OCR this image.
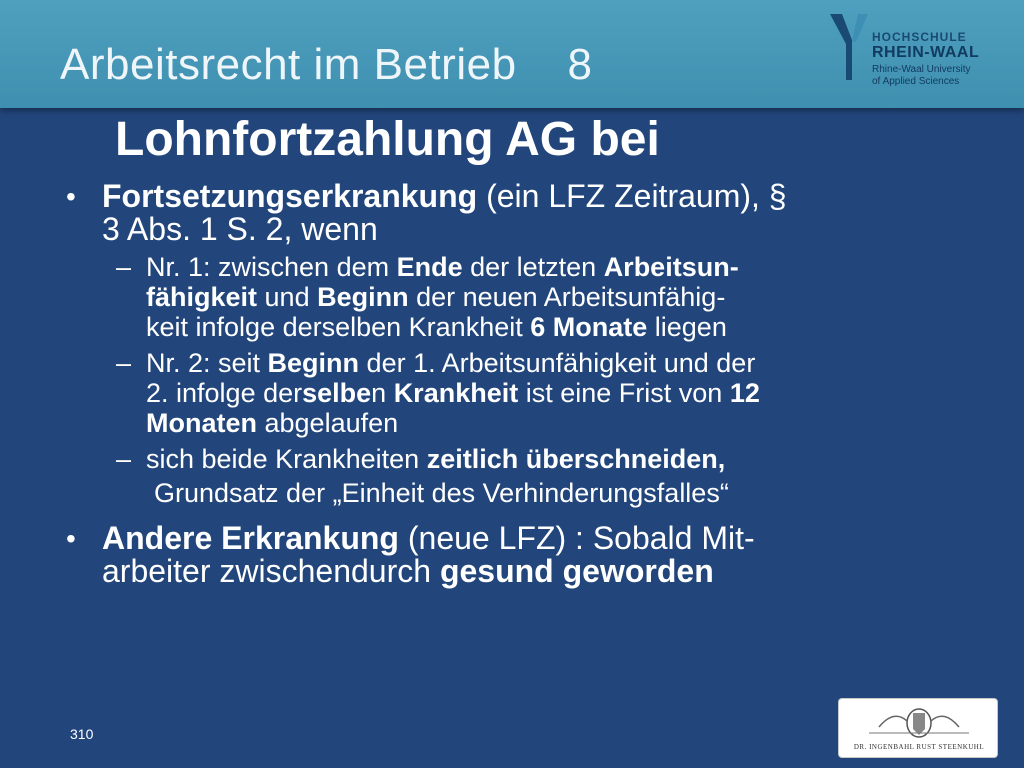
Arbeitsrecht im Betrieb    8
HOCHSCHULE
RHEIN-WAAL
Rhine-Waal University
of Applied Sciences
Lohnfortzahlung AG bei
• Fortsetzungserkrankung (ein LFZ Zeitraum), §
3 Abs. 1 S. 2, wenn
– Nr. 1: zwischen dem Ende der letzten Arbeitsun-
fähigkeit und Beginn der neuen Arbeitsunfähig-
keit infolge derselben Krankheit 6 Monate liegen
– Nr. 2: seit Beginn der 1. Arbeitsunfähigkeit und der
2. infolge derselben Krankheit ist eine Frist von 12
Monaten abgelaufen
– sich beide Krankheiten zeitlich überschneiden,
Grundsatz der „Einheit des Verhinderungsfalles“
• Andere Erkrankung (neue LFZ) : Sobald Mit-
arbeiter zwischendurch gesund geworden
310
DR. INGENBAHL RUST STEENKUHL
